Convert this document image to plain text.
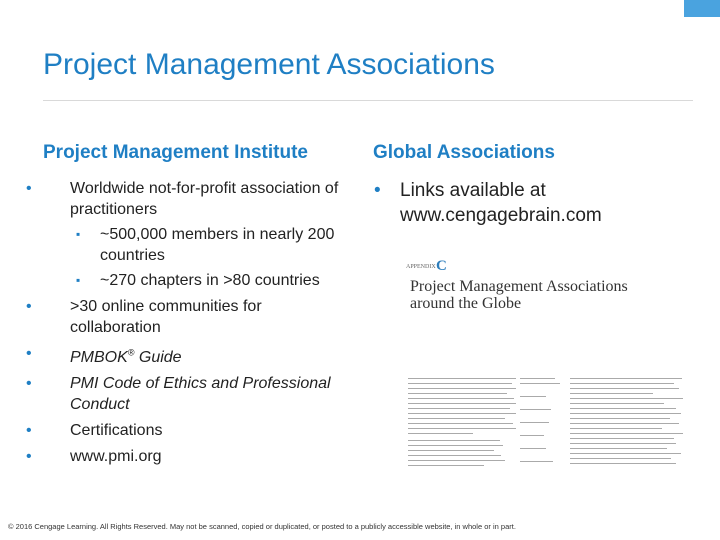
Project Management Associations
Project Management Institute	Global Associations
• Worldwide not-for-profit association of practitioners
▪ ~500,000 members in nearly 200 countries
▪ ~270 chapters in >80 countries
• >30 online communities for collaboration
• PMBOK® Guide
• PMI Code of Ethics and Professional Conduct
• Certifications
• www.pmi.org
• Links available at www.cengagebrain.com
APPENDIX C
Project Management Associations
around the Globe
© 2016 Cengage Learning. All Rights Reserved. May not be scanned, copied or duplicated, or posted to a publicly accessible website, in whole or in part.
